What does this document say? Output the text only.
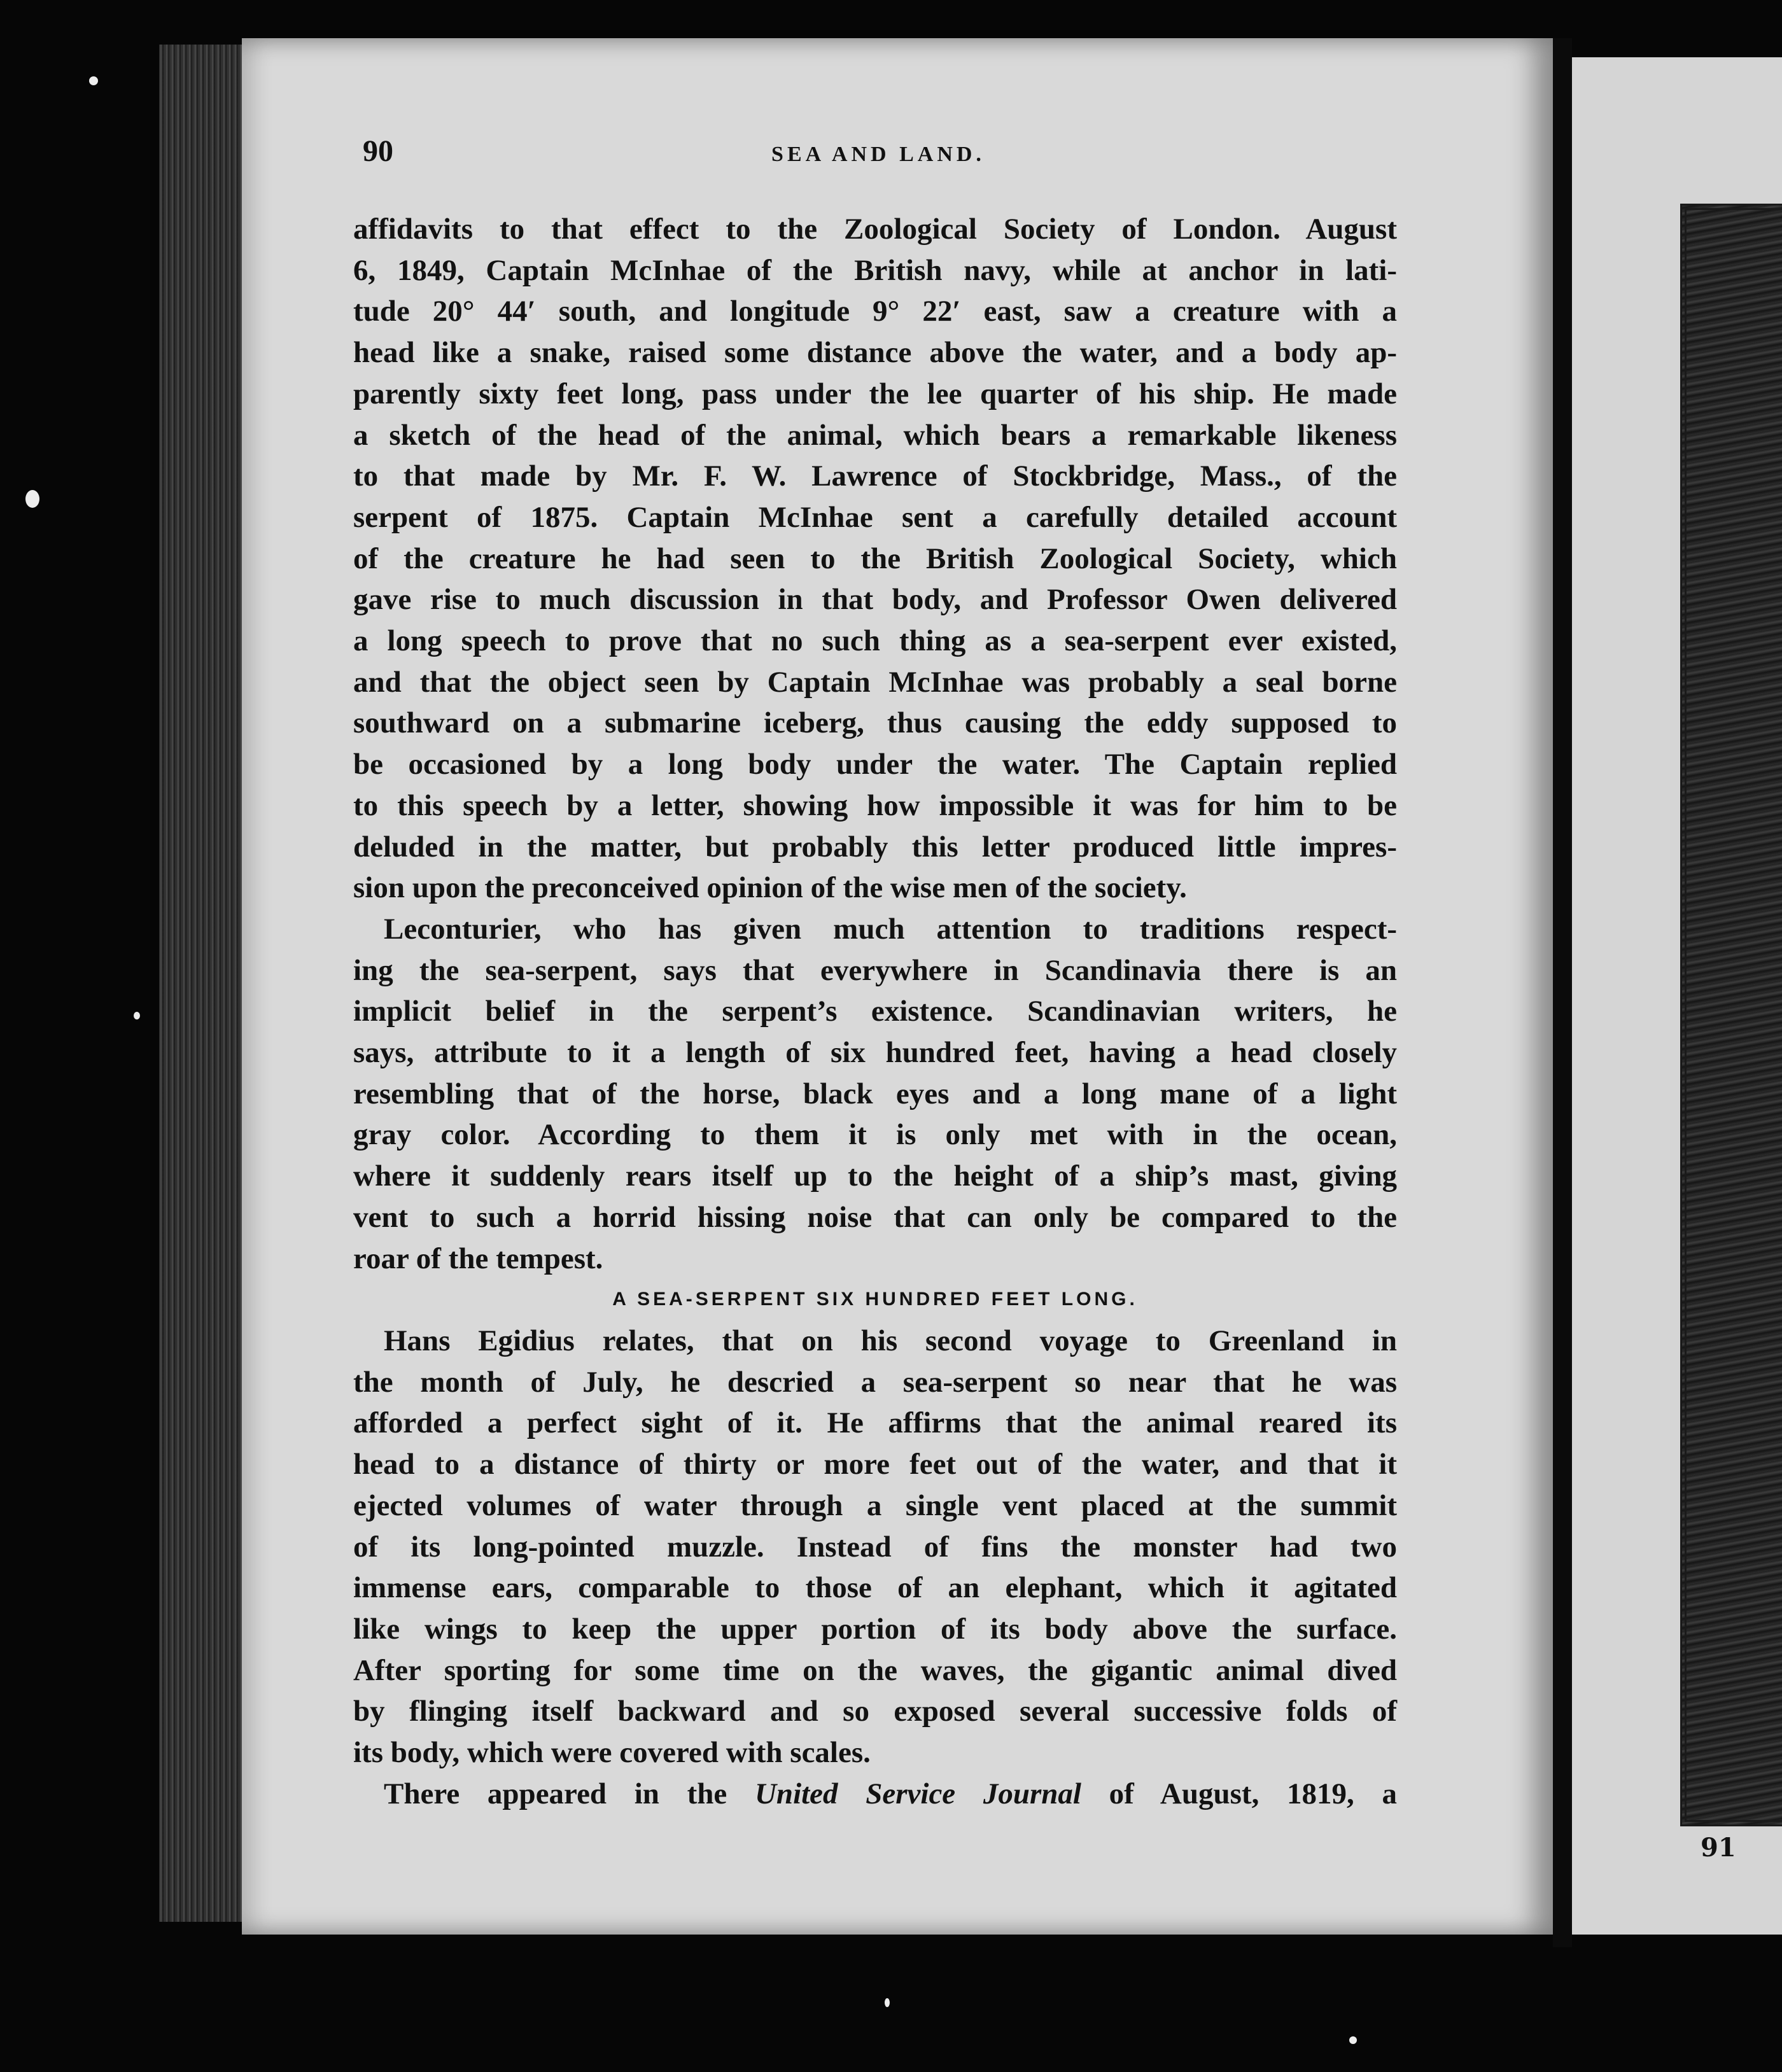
91
90	SEA AND LAND.
affidavits to that effect to the Zoological Society of London. August
6, 1849, Captain McInhae of the British navy, while at anchor in lati-
tude 20° 44′ south, and longitude 9° 22′ east, saw a creature with a
head like a snake, raised some distance above the water, and a body ap-
parently sixty feet long, pass under the lee quarter of his ship. He made
a sketch of the head of the animal, which bears a remarkable likeness
to that made by Mr. F. W. Lawrence of Stockbridge, Mass., of the
serpent of 1875. Captain McInhae sent a carefully detailed account
of the creature he had seen to the British Zoological Society, which
gave rise to much discussion in that body, and Professor Owen delivered
a long speech to prove that no such thing as a sea-serpent ever existed,
and that the object seen by Captain McInhae was probably a seal borne
southward on a submarine iceberg, thus causing the eddy supposed to
be occasioned by a long body under the water. The Captain replied
to this speech by a letter, showing how impossible it was for him to be
deluded in the matter, but probably this letter produced little impres-
sion upon the preconceived opinion of the wise men of the society.
Leconturier, who has given much attention to traditions respect-
ing the sea-serpent, says that everywhere in Scandinavia there is an
implicit belief in the serpent’s existence. Scandinavian writers, he
says, attribute to it a length of six hundred feet, having a head closely
resembling that of the horse, black eyes and a long mane of a light
gray color. According to them it is only met with in the ocean,
where it suddenly rears itself up to the height of a ship’s mast, giving
vent to such a horrid hissing noise that can only be compared to the
roar of the tempest.
A SEA-SERPENT SIX HUNDRED FEET LONG.
Hans Egidius relates, that on his second voyage to Greenland in
the month of July, he descried a sea-serpent so near that he was
afforded a perfect sight of it. He affirms that the animal reared its
head to a distance of thirty or more feet out of the water, and that it
ejected volumes of water through a single vent placed at the summit
of its long-pointed muzzle. Instead of fins the monster had two
immense ears, comparable to those of an elephant, which it agitated
like wings to keep the upper portion of its body above the surface.
After sporting for some time on the waves, the gigantic animal dived
by flinging itself backward and so exposed several successive folds of
its body, which were covered with scales.
There appeared in the United Service Journal of August, 1819, a
